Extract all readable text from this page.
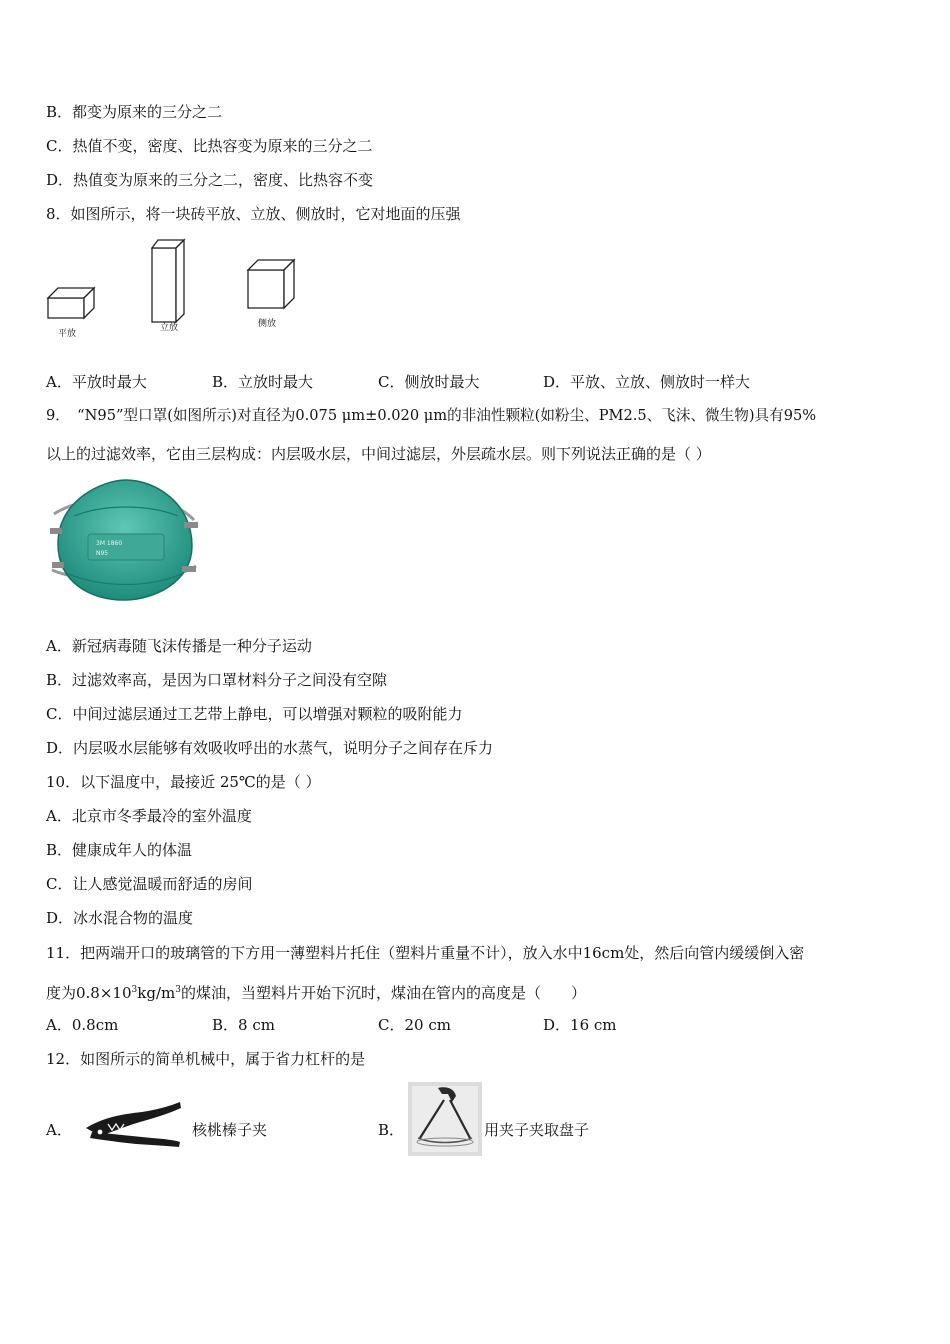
B．都变为原来的三分之二
C．热值不变，密度、比热容变为原来的三分之二
D．热值变为原来的三分之二，密度、比热容不变
8．如图所示，将一块砖平放、立放、侧放时，它对地面的压强
平放
立放	侧放
A．平放时最大	B．立放时最大	C．侧放时最大	D．平放、立放、侧放时一样大
9．　“N95”型口罩(如图所示)对直径为0.075 μm±0.020 μm的非油性颗粒(如粉尘、PM2.5、飞沫、微生物)具有95%
以上的过滤效率，它由三层构成：内层吸水层，中间过滤层，外层疏水层。则下列说法正确的是（ ）
3M 1860
N95
A．新冠病毒随飞沫传播是一种分子运动
B．过滤效率高，是因为口罩材料分子之间没有空隙
C．中间过滤层通过工艺带上静电，可以增强对颗粒的吸附能力
D．内层吸水层能够有效吸收呼出的水蒸气，说明分子之间存在斥力
10．以下温度中，最接近 25℃的是（ ）
A．北京市冬季最冷的室外温度
B．健康成年人的体温
C．让人感觉温暖而舒适的房间
D．冰水混合物的温度
11．把两端开口的玻璃管的下方用一薄塑料片托住（塑料片重量不计），放入水中16cm处，然后向管内缓缓倒入密
度为$0.8\times 10^3kg/m^3$的煤油，当塑料片开始下沉时，煤油在管内的高度是（　　）
A．0.8cm	B．8 cm	C．20 cm	D．16 cm
12．如图所示的简单机械中，属于省力杠杆的是
A．	核桃榛子夹	B．	用夹子夹取盘子
